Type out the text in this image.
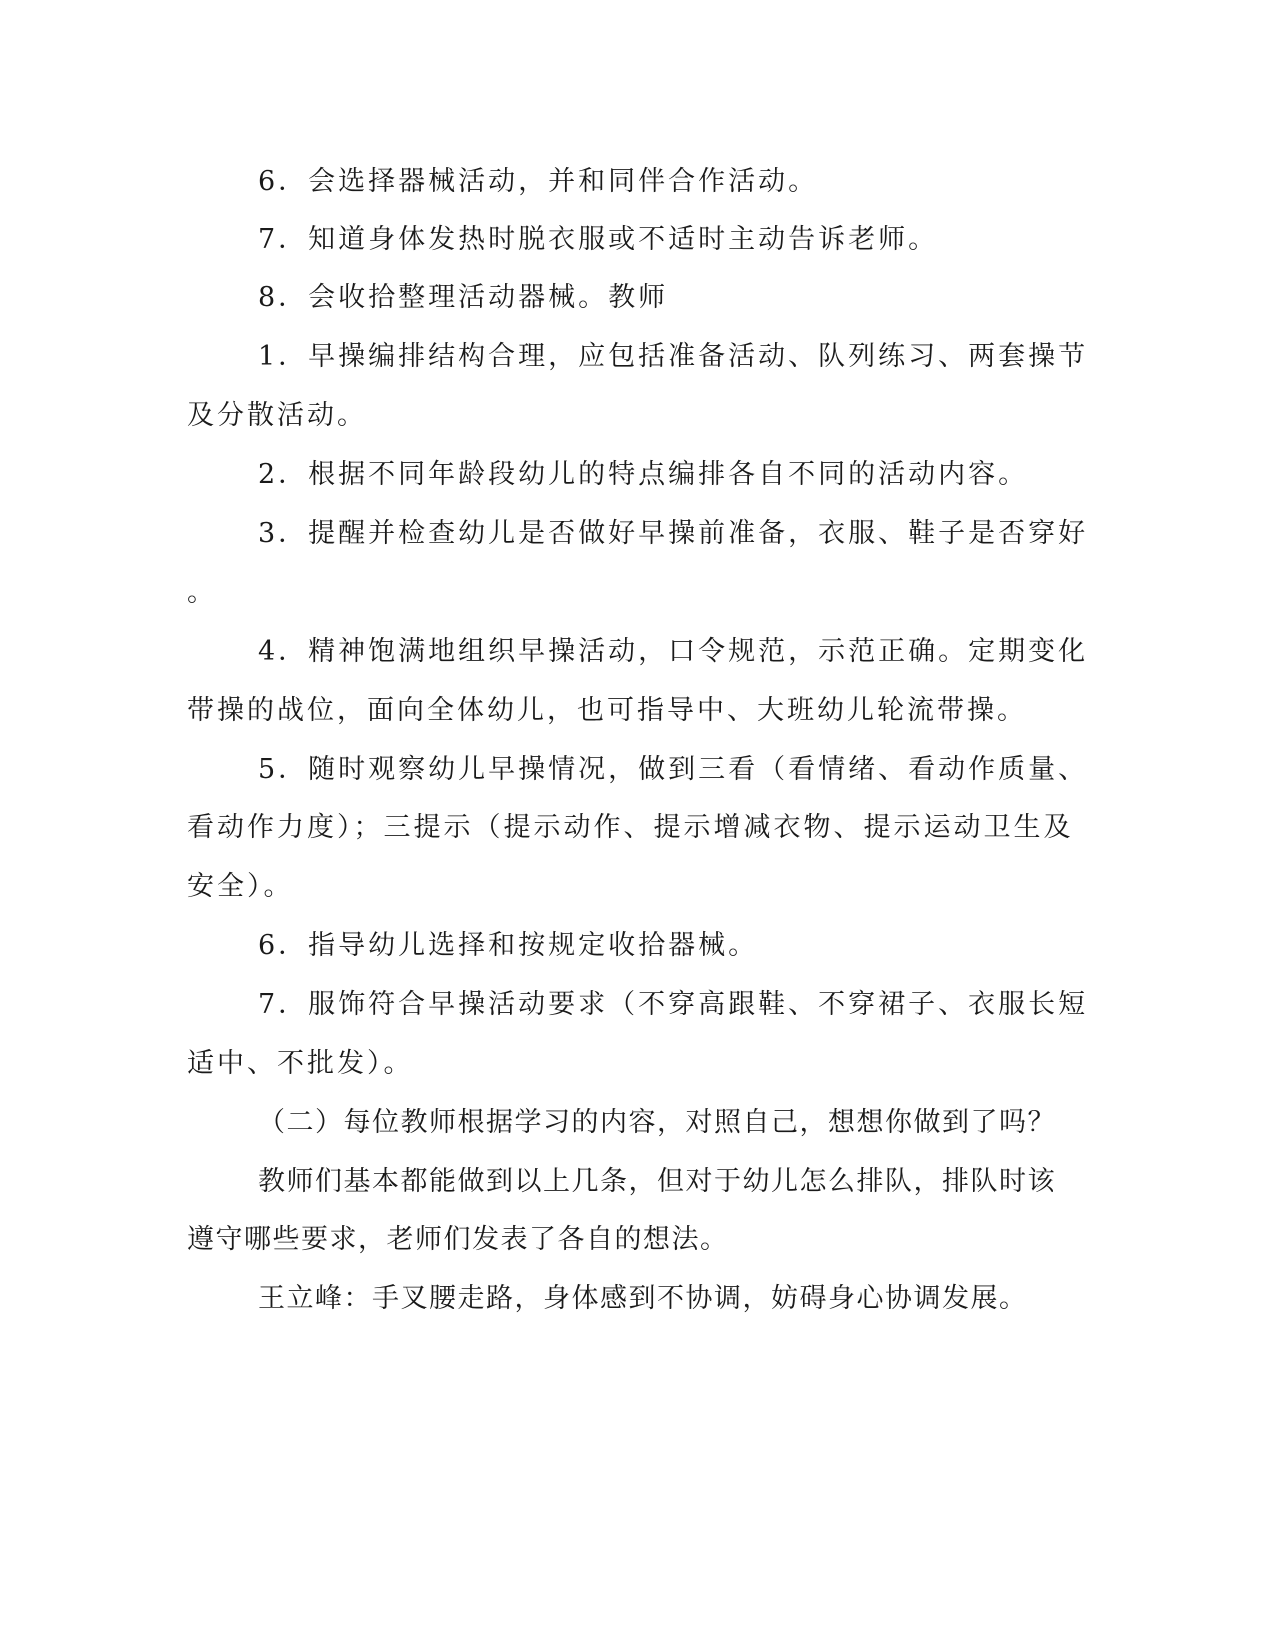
6．会选择器械活动，并和同伴合作活动。
7．知道身体发热时脱衣服或不适时主动告诉老师。
8．会收拾整理活动器械。教师
1．早操编排结构合理，应包括准备活动、队列练习、两套操节
及分散活动。
2．根据不同年龄段幼儿的特点编排各自不同的活动内容。
3．提醒并检查幼儿是否做好早操前准备，衣服、鞋子是否穿好
。
4．精神饱满地组织早操活动，口令规范，示范正确。定期变化
带操的战位，面向全体幼儿，也可指导中、大班幼儿轮流带操。
5．随时观察幼儿早操情况，做到三看（看情绪、看动作质量、
看动作力度）；三提示（提示动作、提示增减衣物、提示运动卫生及
安全）。
6．指导幼儿选择和按规定收拾器械。
7．服饰符合早操活动要求（不穿高跟鞋、不穿裙子、衣服长短
适中、不批发）。
（二）每位教师根据学习的内容，对照自己，想想你做到了吗？
教师们基本都能做到以上几条，但对于幼儿怎么排队，排队时该
遵守哪些要求，老师们发表了各自的想法。
王立峰：手叉腰走路，身体感到不协调，妨碍身心协调发展。
